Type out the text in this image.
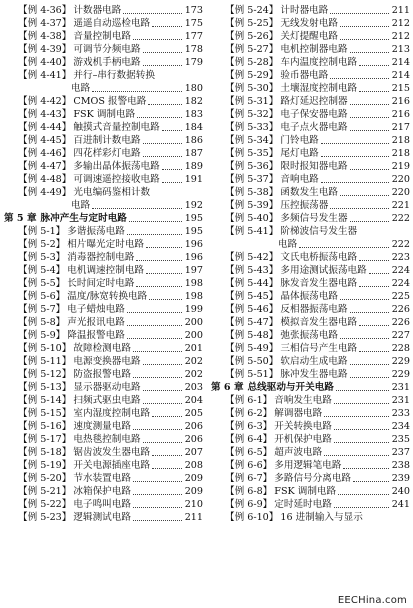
【例 4-36】 计数器电路	173
【例 4-37】 遥遥自动巡检电路	175
【例 4-38】 音量控制电路	177
【例 4-39】 可调节分频电路	178
【例 4-40】 游戏机手柄电路	179
【例 4-41】 并行–串行数据转换
电路	180
【例 4-42】 CMOS 报警电路	182
【例 4-43】 FSK 调制电路	183
【例 4-44】 触摸式音量控制电路	184
【例 4-45】 百进制计数电路	186
【例 4-46】 四花样彩灯电路	187
【例 4-47】 多输出晶体振荡电路	189
【例 4-48】 可调速遥控接收电路	191
【例 4-49】 光电编码鉴相计数
电路	192
第 5 章 脉冲产生与定时电路	195
【例 5-1】 多谐振荡电路	195
【例 5-2】 相片曝光定时电路	196
【例 5-3】 消毒器控制电路	196
【例 5-4】 电机调速控制电路	197
【例 5-5】 长时间定时电路	198
【例 5-6】 温度/脉宽转换电路	198
【例 5-7】 电子蜡烛电路	199
【例 5-8】 声光报讯电路	200
【例 5-9】 降温报警电路	200
【例 5-10】 故障检测电路	201
【例 5-11】 电源变换器电路	202
【例 5-12】 防盗报警电路	202
【例 5-13】 显示器驱动电路	203
【例 5-14】 扫频式驱虫电路	204
【例 5-15】 室内湿度控制电路	205
【例 5-16】 速度测量电路	206
【例 5-17】 电热毯控制电路	206
【例 5-18】 锯齿波发生器电路	207
【例 5-19】 开关电源插座电路	208
【例 5-20】 节水装置电路	209
【例 5-21】 冰箱保护电路	209
【例 5-22】 电子鸣叫电路	210
【例 5-23】 逻辑测试电路	211
【例 5-24】 计时器电路	211
【例 5-25】 无线发射电路	212
【例 5-26】 关灯提醒电路	212
【例 5-27】 电机控制器电路	213
【例 5-28】 车内温度控制电路	214
【例 5-29】 验币器电路	214
【例 5-30】 土壤湿度控制电路	215
【例 5-31】 路灯延迟控制器	216
【例 5-32】 电子保安器电路	216
【例 5-33】 电子点火器电路	217
【例 5-34】 门铃电路	218
【例 5-35】 尾灯电路	218
【例 5-36】 限时报知器电路	219
【例 5-37】 音响电路	220
【例 5-38】 函数发生电路	220
【例 5-39】 压控振荡器	221
【例 5-40】 多频信号发生器	222
【例 5-41】 阶梯波信号发生器
电路	222
【例 5-42】 文氏电桥振荡电路	223
【例 5-43】 多用途测试振荡电路	224
【例 5-44】 脉发音发生器电路	224
【例 5-45】 晶体振荡电路	225
【例 5-46】 反相器振荡电路	226
【例 5-47】 模拟音发生器电路	226
【例 5-48】 弛张振荡电路	227
【例 5-49】 三相信号产生电路	228
【例 5-50】 软启动生成电路	229
【例 5-51】 脉冲发生器电路	229
第 6 章 总线驱动与开关电路	231
【例 6-1】 音响发生电路	231
【例 6-2】 解调器电路	233
【例 6-3】 开关转换电路	234
【例 6-4】 开机保护电路	235
【例 6-5】 超声波电路	237
【例 6-6】 多用逻辑笔电路	238
【例 6-7】 多路信号分离电路	239
【例 6-8】 FSK 调制电路	240
【例 6-9】 定时延时电路	241
【例 6-10】 16 进制输入与显示
EECHina.com
